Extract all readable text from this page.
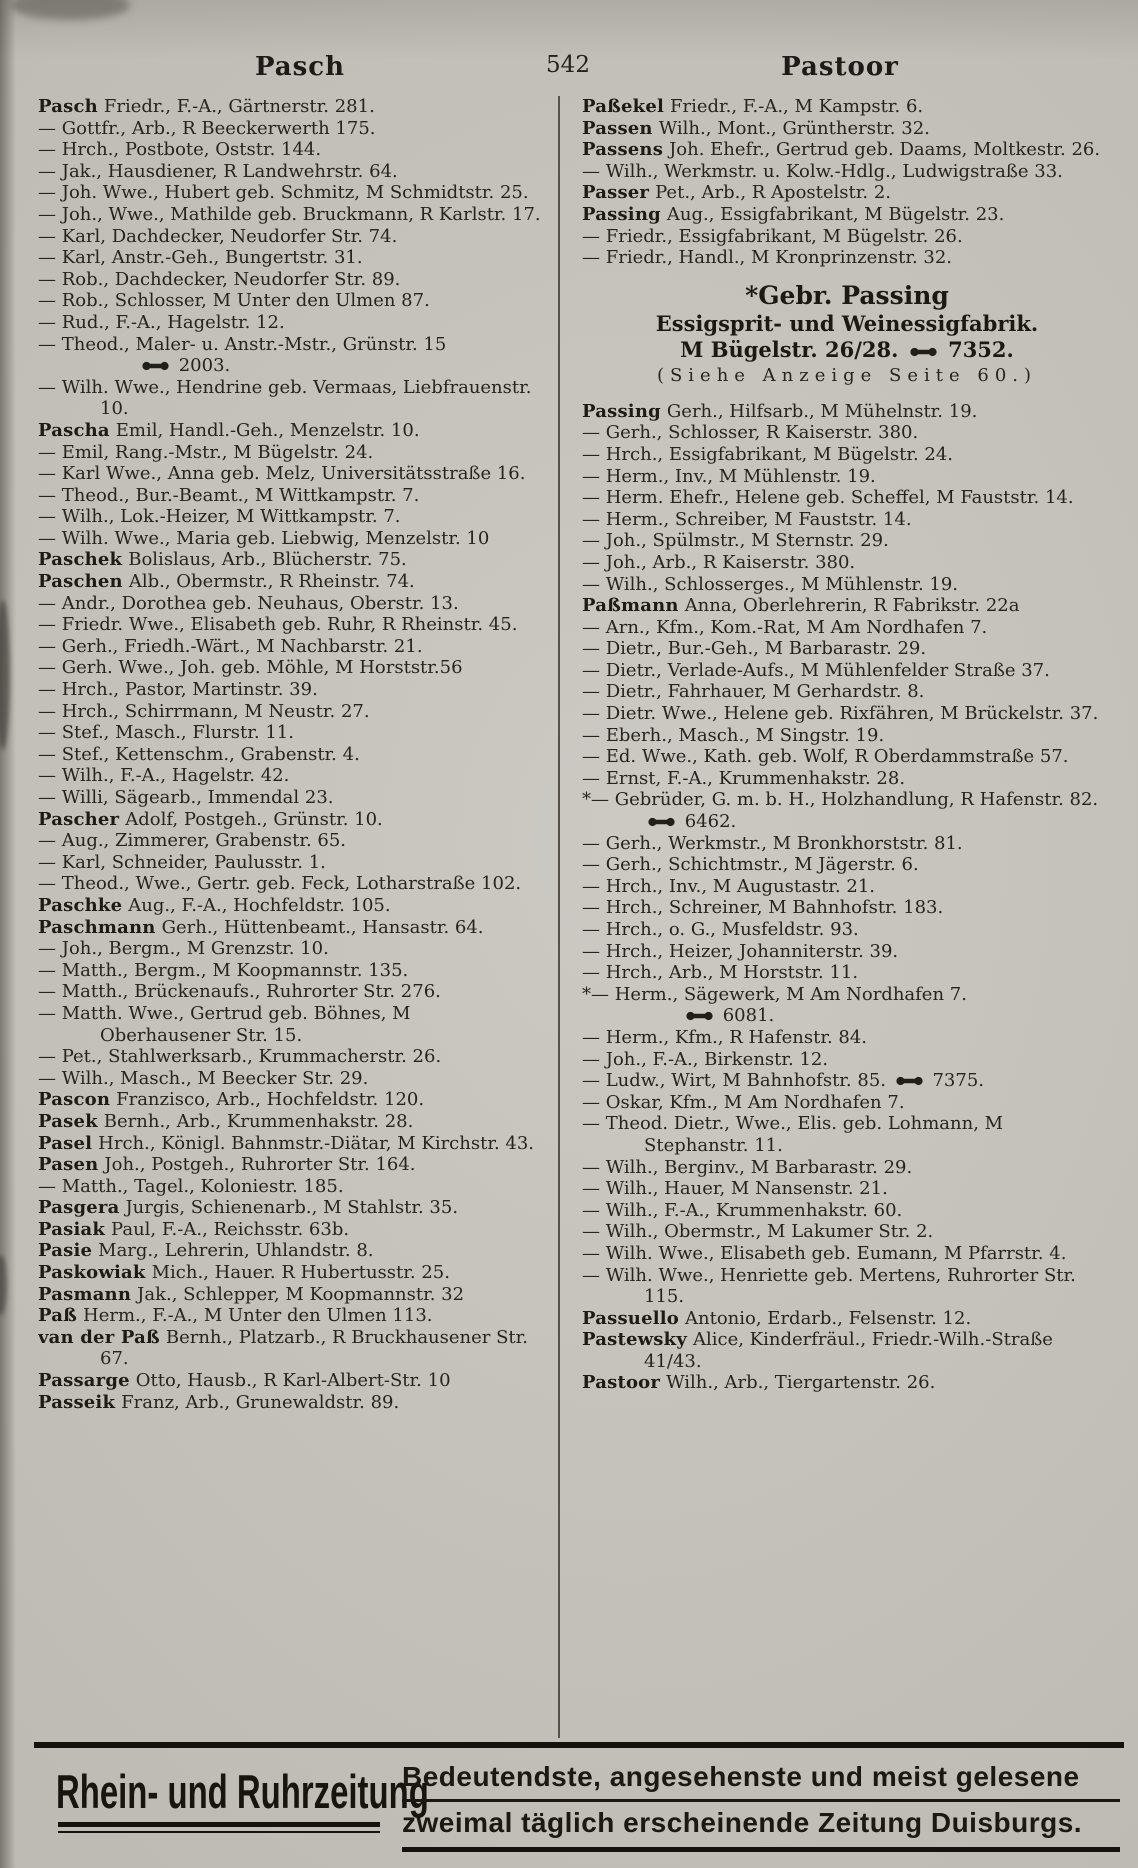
Pasch	542	Pastoor

Pasch Friedr., F.-A., Gärtnerstr. 281.

— Gottfr., Arb., R Beeckerwerth 175.

— Hrch., Postbote, Oststr. 144.

— Jak., Hausdiener, R Landwehrstr. 64.

— Joh. Wwe., Hubert geb. Schmitz, M Schmidtstr. 25.

— Joh., Wwe., Mathilde geb. Bruckmann, R Karlstr. 17.

— Karl, Dachdecker, Neudorfer Str. 74.

— Karl, Anstr.-Geh., Bungertstr. 31.

— Rob., Dachdecker, Neudorfer Str. 89.

— Rob., Schlosser, M Unter den Ulmen 87.

— Rud., F.-A., Hagelstr. 12.

— Theod., Maler- u. Anstr.-Mstr., Grünstr. 15

2003.

— Wilh. Wwe., Hendrine geb. Vermaas, Liebfrauenstr. 10.

Pascha Emil, Handl.-Geh., Menzelstr. 10.

— Emil, Rang.-Mstr., M Bügelstr. 24.

— Karl Wwe., Anna geb. Melz, Universitätsstraße 16.

— Theod., Bur.-Beamt., M Wittkampstr. 7.

— Wilh., Lok.-Heizer, M Wittkampstr. 7.

— Wilh. Wwe., Maria geb. Liebwig, Menzelstr. 10

Paschek Bolislaus, Arb., Blücherstr. 75.

Paschen Alb., Obermstr., R Rheinstr. 74.

— Andr., Dorothea geb. Neuhaus, Oberstr. 13.

— Friedr. Wwe., Elisabeth geb. Ruhr, R Rheinstr. 45.

— Gerh., Friedh.-Wärt., M Nachbarstr. 21.

— Gerh. Wwe., Joh. geb. Möhle, M Horststr.56

— Hrch., Pastor, Martinstr. 39.

— Hrch., Schirrmann, M Neustr. 27.

— Stef., Masch., Flurstr. 11.

— Stef., Kettenschm., Grabenstr. 4.

— Wilh., F.-A., Hagelstr. 42.

— Willi, Sägearb., Immendal 23.

Pascher Adolf, Postgeh., Grünstr. 10.

— Aug., Zimmerer, Grabenstr. 65.

— Karl, Schneider, Paulusstr. 1.

— Theod., Wwe., Gertr. geb. Feck, Lotharstraße 102.

Paschke Aug., F.-A., Hochfeldstr. 105.

Paschmann Gerh., Hüttenbeamt., Hansastr. 64.

— Joh., Bergm., M Grenzstr. 10.

— Matth., Bergm., M Koopmannstr. 135.

— Matth., Brückenaufs., Ruhrorter Str. 276.

— Matth. Wwe., Gertrud geb. Böhnes, M Oberhausener Str. 15.

— Pet., Stahlwerksarb., Krummacherstr. 26.

— Wilh., Masch., M Beecker Str. 29.

Pascon Franzisco, Arb., Hochfeldstr. 120.

Pasek Bernh., Arb., Krummenhakstr. 28.

Pasel Hrch., Königl. Bahnmstr.-Diätar, M Kirchstr. 43.

Pasen Joh., Postgeh., Ruhrorter Str. 164.

— Matth., Tagel., Koloniestr. 185.

Pasgera Jurgis, Schienenarb., M Stahlstr. 35.

Pasiak Paul, F.-A., Reichsstr. 63b.

Pasie Marg., Lehrerin, Uhlandstr. 8.

Paskowiak Mich., Hauer. R Hubertusstr. 25.

Pasmann Jak., Schlepper, M Koopmannstr. 32

Paß Herm., F.-A., M Unter den Ulmen 113.

van der Paß Bernh., Platzarb., R Bruckhausener Str. 67.

Passarge Otto, Hausb., R Karl-Albert-Str. 10

Passeik Franz, Arb., Grunewaldstr. 89.

Paßekel Friedr., F.-A., M Kampstr. 6.

Passen Wilh., Mont., Grüntherstr. 32.

Passens Joh. Ehefr., Gertrud geb. Daams, Moltkestr. 26.

— Wilh., Werkmstr. u. Kolw.-Hdlg., Ludwigstraße 33.

Passer Pet., Arb., R Apostelstr. 2.

Passing Aug., Essigfabrikant, M Bügelstr. 23.

— Friedr., Essigfabrikant, M Bügelstr. 26.

— Friedr., Handl., M Kronprinzenstr. 32.

*Gebr. Passing

Essigsprit- und Weinessigfabrik.

M Bügelstr. 26/28.  7352.

(Siehe Anzeige Seite 60.)

Passing Gerh., Hilfsarb., M Mühelnstr. 19.

— Gerh., Schlosser, R Kaiserstr. 380.

— Hrch., Essigfabrikant, M Bügelstr. 24.

— Herm., Inv., M Mühlenstr. 19.

— Herm. Ehefr., Helene geb. Scheffel, M Fauststr. 14.

— Herm., Schreiber, M Fauststr. 14.

— Joh., Spülmstr., M Sternstr. 29.

— Joh., Arb., R Kaiserstr. 380.

— Wilh., Schlosserges., M Mühlenstr. 19.

Paßmann Anna, Oberlehrerin, R Fabrikstr. 22a

— Arn., Kfm., Kom.-Rat, M Am Nordhafen 7.

— Dietr., Bur.-Geh., M Barbarastr. 29.

— Dietr., Verlade-Aufs., M Mühlenfelder Straße 37.

— Dietr., Fahrhauer, M Gerhardstr. 8.

— Dietr. Wwe., Helene geb. Rixfähren, M Brückelstr. 37.

— Eberh., Masch., M Singstr. 19.

— Ed. Wwe., Kath. geb. Wolf, R Oberdammstraße 57.

— Ernst, F.-A., Krummenhakstr. 28.

*— Gebrüder, G. m. b. H., Holzhandlung, R Hafenstr. 82.  6462.

— Gerh., Werkmstr., M Bronkhorststr. 81.

— Gerh., Schichtmstr., M Jägerstr. 6.

— Hrch., Inv., M Augustastr. 21.

— Hrch., Schreiner, M Bahnhofstr. 183.

— Hrch., o. G., Musfeldstr. 93.

— Hrch., Heizer, Johanniterstr. 39.

— Hrch., Arb., M Horststr. 11.

*— Herm., Sägewerk, M Am Nordhafen 7.

6081.

— Herm., Kfm., R Hafenstr. 84.

— Joh., F.-A., Birkenstr. 12.

— Ludw., Wirt, M Bahnhofstr. 85.  7375.

— Oskar, Kfm., M Am Nordhafen 7.

— Theod. Dietr., Wwe., Elis. geb. Lohmann, M Stephanstr. 11.

— Wilh., Berginv., M Barbarastr. 29.

— Wilh., Hauer, M Nansenstr. 21.

— Wilh., F.-A., Krummenhakstr. 60.

— Wilh., Obermstr., M Lakumer Str. 2.

— Wilh. Wwe., Elisabeth geb. Eumann, M Pfarrstr. 4.

— Wilh. Wwe., Henriette geb. Mertens, Ruhrorter Str. 115.

Passuello Antonio, Erdarb., Felsenstr. 12.

Pastewsky Alice, Kinderfräul., Friedr.-Wilh.-Straße 41/43.

Pastoor Wilh., Arb., Tiergartenstr. 26.

Rhein- und Ruhrzeitung
Bedeutendste, angesehenste und meist gelesene
zweimal täglich erscheinende Zeitung Duisburgs.
